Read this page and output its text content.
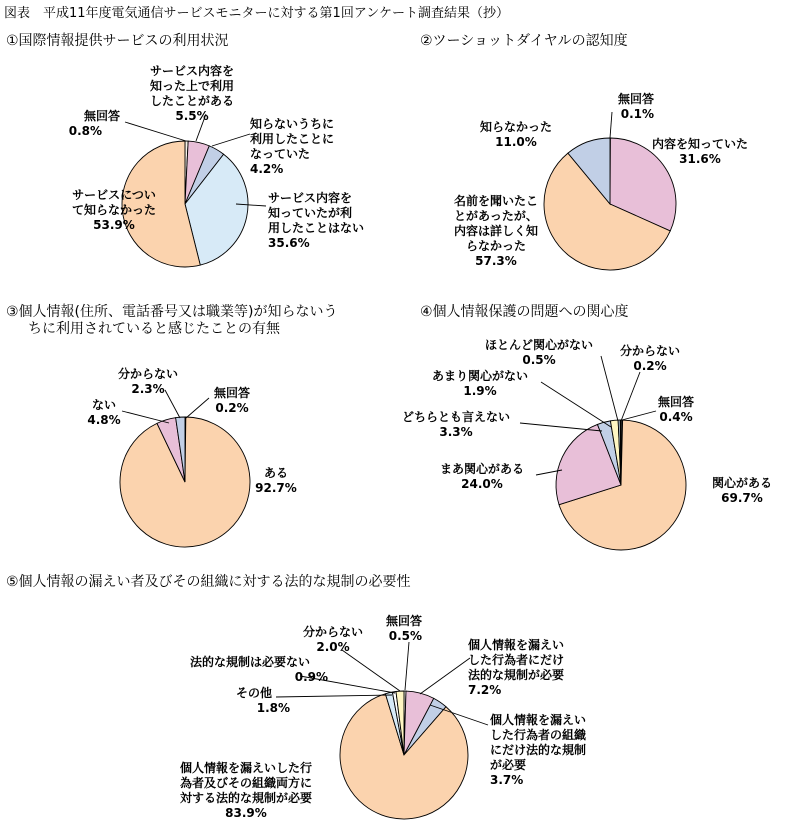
図表　平成11年度電気通信サービスモニターに対する第1回アンケート調査結果（抄）
①国際情報提供サービスの利用状況
無回答
0.8%
サービス内容を
知った上で利用
したことがある
5.5%
知らないうちに
利用したことに
なっていた
4.2%
サービス内容を
知っていたが利
用したことはない
35.6%
サービスについ
て知らなかった
53.9%
②ツーショットダイヤルの認知度
無回答
0.1%
内容を知っていた
31.6%
名前を聞いたこ
とがあったが、
内容は詳しく知
らなかった
57.3%
知らなかった
11.0%
③個人情報(住所、電話番号又は職業等)が知らないう
ちに利用されていると感じたことの有無
無回答
0.2%
ある
92.7%
ない
4.8%
分からない
2.3%
④個人情報保護の問題への関心度
無回答
0.4%
関心がある
69.7%
まあ関心がある
24.0%
どちらとも言えない
3.3%
あまり関心がない
1.9%
ほとんど関心がない
0.5%
分からない
0.2%
⑤個人情報の漏えい者及びその組織に対する法的な規制の必要性
無回答
0.5%
個人情報を漏えい
した行為者にだけ
法的な規制が必要
7.2%
個人情報を漏えい
した行為者の組織
にだけ法的な規制
が必要
3.7%
個人情報を漏えいした行
為者及びその組織両方に
対する法的な規制が必要
83.9%
その他
1.8%
法的な規制は必要ない
0.9%
分からない
2.0%
